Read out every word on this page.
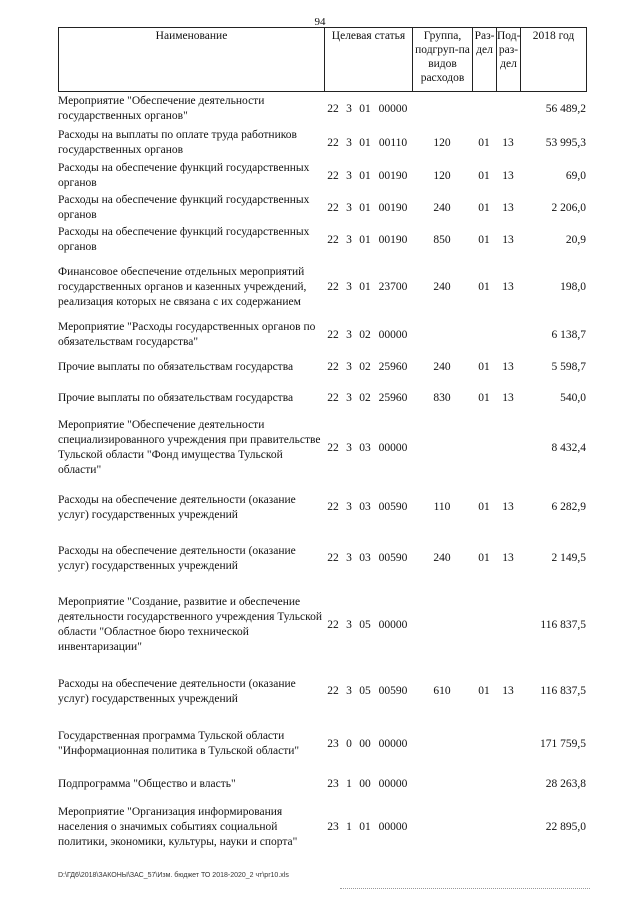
94
Наименование	Целевая статья	Группа, подгруп-па видов расходов	Раз-дел	Под-раз-дел	2018 год
Мероприятие "Обеспечение деятельности государственных органов"	22	3	01	00000				56 489,2
Расходы на выплаты по оплате труда работников государственных органов	22	3	01	00110	120	01	13	53 995,3
Расходы на обеспечение функций государственных органов	22	3	01	00190	120	01	13	69,0
Расходы на обеспечение функций государственных органов	22	3	01	00190	240	01	13	2 206,0
Расходы на обеспечение функций государственных органов	22	3	01	00190	850	01	13	20,9
Финансовое обеспечение отдельных мероприятий государственных органов и казенных учреждений, реализация которых не связана с их содержанием	22	3	01	23700	240	01	13	198,0
Мероприятие "Расходы государственных органов по обязательствам государства"	22	3	02	00000				6 138,7
Прочие выплаты по обязательствам государства	22	3	02	25960	240	01	13	5 598,7
Прочие выплаты по обязательствам государства	22	3	02	25960	830	01	13	540,0
Мероприятие "Обеспечение деятельности специализированного учреждения при правительстве Тульской области "Фонд имущества Тульской области"	22	3	03	00000				8 432,4
Расходы на обеспечение деятельности (оказание услуг) государственных учреждений	22	3	03	00590	110	01	13	6 282,9
Расходы на обеспечение деятельности (оказание услуг) государственных учреждений	22	3	03	00590	240	01	13	2 149,5
Мероприятие "Создание, развитие и обеспечение деятельности государственного учреждения Тульской области "Областное бюро технической инвентаризации"	22	3	05	00000				116 837,5
Расходы на обеспечение деятельности (оказание услуг) государственных учреждений	22	3	05	00590	610	01	13	116 837,5
Государственная программа Тульской области "Информационная политика в Тульской области"	23	0	00	00000				171 759,5
Подпрограмма "Общество и власть"	23	1	00	00000				28 263,8
Мероприятие "Организация информирования населения о значимых событиях социальной политики, экономики, культуры, науки и спорта"	23	1	01	00000				22 895,0
D:\ГД6\2018\ЗАКОНЫ\ЗАС_57\Изм. бюджет ТО 2018-2020_2 чт\pr10.xls
